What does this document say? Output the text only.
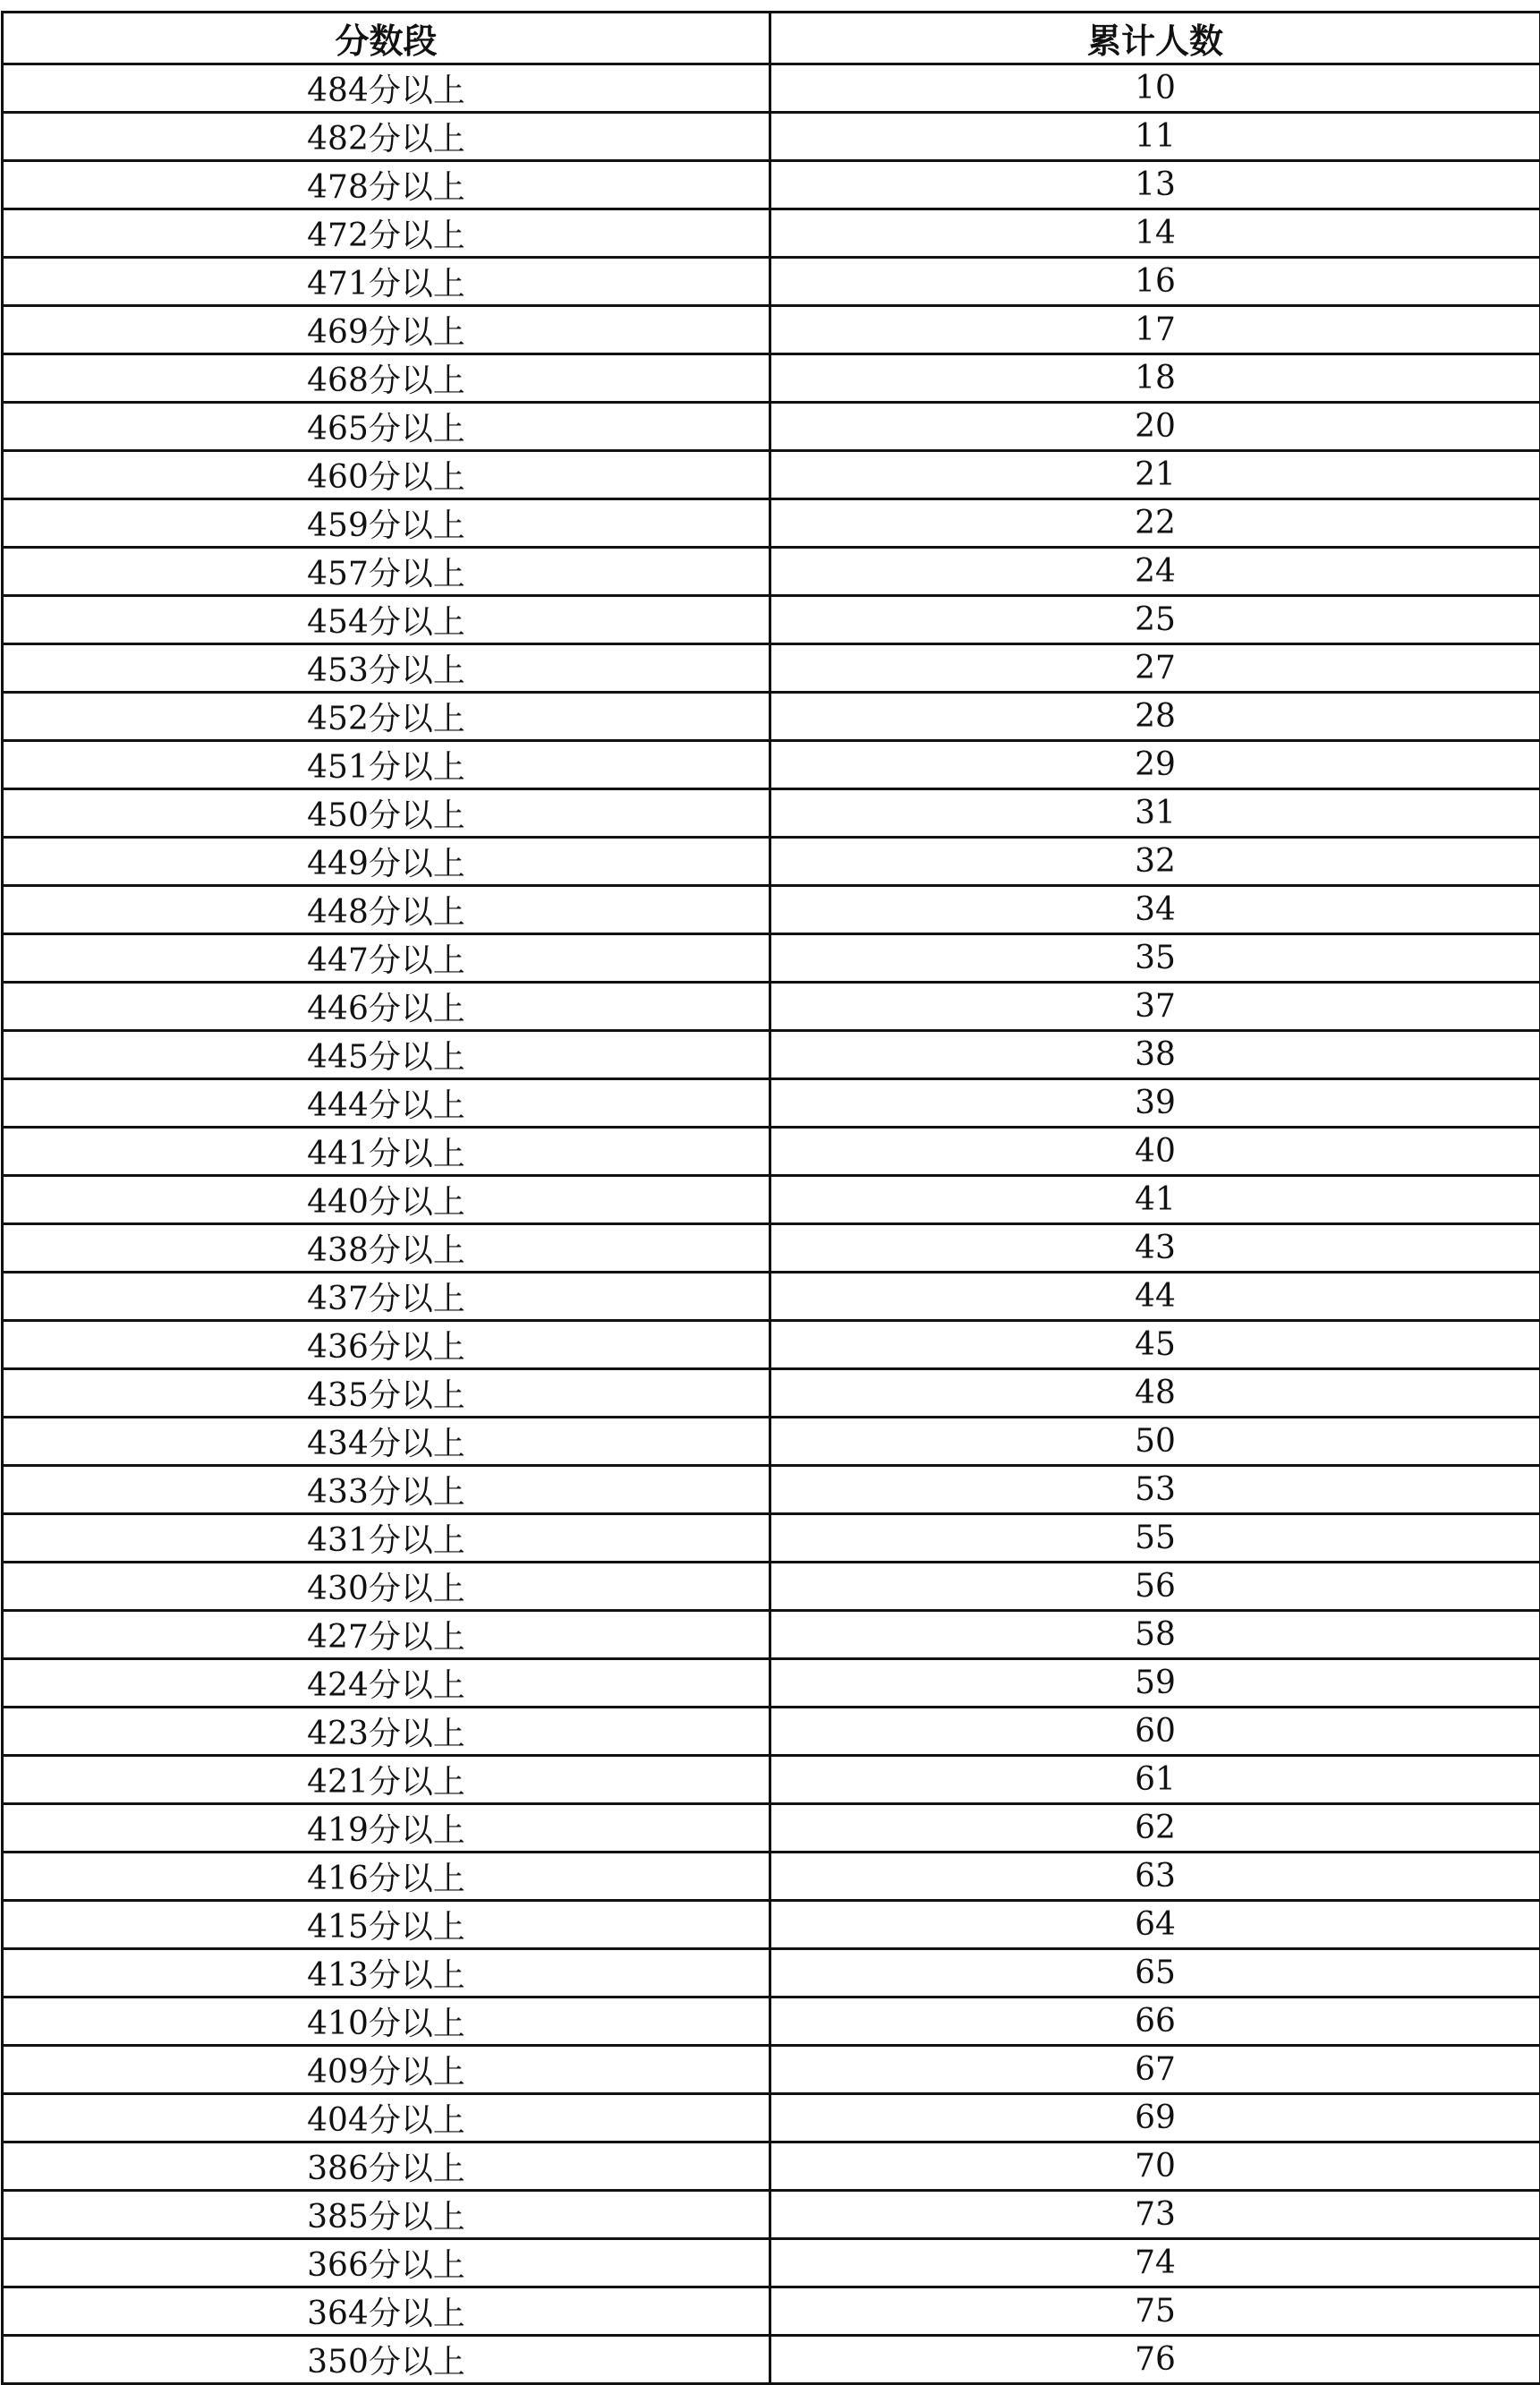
分数段	累计人数
484分以上	10
482分以上	11
478分以上	13
472分以上	14
471分以上	16
469分以上	17
468分以上	18
465分以上	20
460分以上	21
459分以上	22
457分以上	24
454分以上	25
453分以上	27
452分以上	28
451分以上	29
450分以上	31
449分以上	32
448分以上	34
447分以上	35
446分以上	37
445分以上	38
444分以上	39
441分以上	40
440分以上	41
438分以上	43
437分以上	44
436分以上	45
435分以上	48
434分以上	50
433分以上	53
431分以上	55
430分以上	56
427分以上	58
424分以上	59
423分以上	60
421分以上	61
419分以上	62
416分以上	63
415分以上	64
413分以上	65
410分以上	66
409分以上	67
404分以上	69
386分以上	70
385分以上	73
366分以上	74
364分以上	75
350分以上	76
